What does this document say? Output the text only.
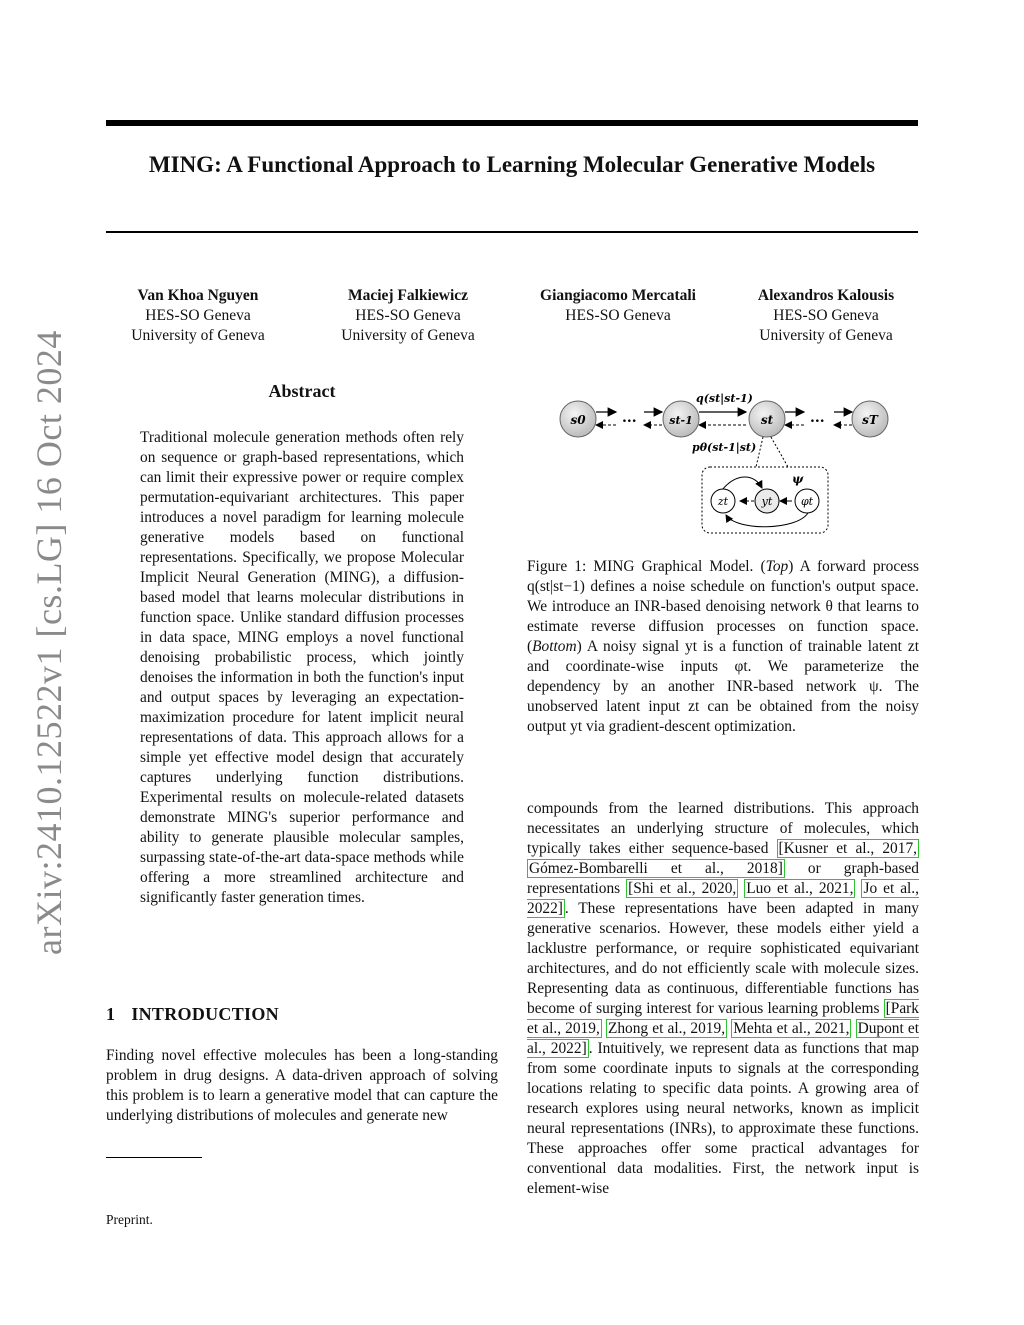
MING: A Functional Approach to Learning Molecular Generative Models
Van Khoa Nguyen
HES-SO Geneva
University of Geneva
Maciej Falkiewicz
HES-SO Geneva
University of Geneva
Giangiacomo Mercatali
HES-SO Geneva
Alexandros Kalousis
HES-SO Geneva
University of Geneva
arXiv:2410.12522v1 [cs.LG] 16 Oct 2024	Abstract
Traditional molecule generation methods often rely on sequence or graph-based representations, which can limit their expressive power or require complex permutation-equivariant architectures. This paper introduces a novel paradigm for learning molecule generative models based on functional representations. Specifically, we propose Molecular Implicit Neural Generation (MING), a diffusion-based model that learns molecular distributions in function space. Unlike standard diffusion processes in data space, MING employs a novel functional denoising probabilistic process, which jointly denoises the information in both the function's input and output spaces by leveraging an expectation-maximization procedure for latent implicit neural representations of data. This approach allows for a simple yet effective model design that accurately captures underlying function distributions. Experimental results on molecule-related datasets demonstrate MING's superior performance and ability to generate plausible molecular samples, surpassing state-of-the-art data-space methods while offering a more streamlined architecture and significantly faster generation times.
1 INTRODUCTION
Finding novel effective molecules has been a long-standing problem in drug designs. A data-driven approach of solving this problem is to learn a generative model that can capture the underlying distributions of molecules and generate new
Preprint.
...	...
s0	st-1	st	sT
q(st|st-1)
pθ(st-1|st)
ψ
zt	yt	φt
Figure 1: MING Graphical Model. (Top) A forward process q(st|st−1) defines a noise schedule on function's output space. We introduce an INR-based denoising network θ that learns to estimate reverse diffusion processes on function space. (Bottom) A noisy signal yt is a function of trainable latent zt and coordinate-wise inputs φt. We parameterize the dependency by an another INR-based network ψ. The unobserved latent input zt can be obtained from the noisy output yt via gradient-descent optimization.
compounds from the learned distributions. This approach necessitates an underlying structure of molecules, which typically takes either sequence-based [Kusner et al., 2017, Gómez-Bombarelli et al., 2018] or graph-based representations [Shi et al., 2020, Luo et al., 2021, Jo et al., 2022] . These representations have been adapted in many generative scenarios. However, these models either yield a lacklustre performance, or require sophisticated equivariant architectures, and do not efficiently scale with molecule sizes. Representing data as continuous, differentiable functions has become of surging interest for various learning problems [Park et al., 2019, Zhong et al., 2019, Mehta et al., 2021, Dupont et al., 2022] . Intuitively, we represent data as functions that map from some coordinate inputs to signals at the corresponding locations relating to specific data points. A growing area of research explores using neural networks, known as implicit neural representations (INRs), to approximate these functions. These approaches offer some practical advantages for conventional data modalities. First, the network input is element-wise
